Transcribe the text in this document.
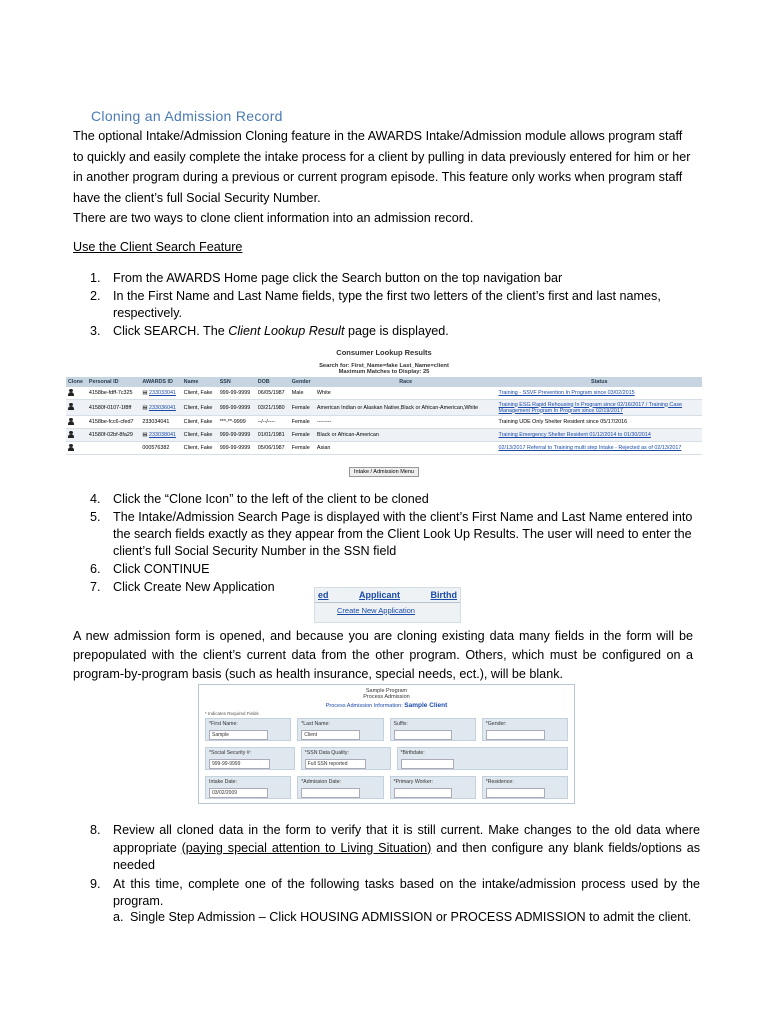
Cloning an Admission Record
The optional Intake/Admission Cloning feature in the AWARDS Intake/Admission module allows program staff to quickly and easily complete the intake process for a client by pulling in data previously entered for him or her in another program during a previous or current program episode. This feature only works when program staff have the client’s full Social Security Number.
There are two ways to clone client information into an admission record.
Use the Client Search Feature
1. From the AWARDS Home page click the Search button on the top navigation bar
2. In the First Name and Last Name fields, type the first two letters of the client’s first and last names, respectively.
3. Click SEARCH. The Client Lookup Result page is displayed.
Consumer Lookup Results
Search for: First_Name=fake Last_Name=client
Maximum Matches to Display: 25
Clone	Personal ID	AWARDS ID	Name	SSN	DOB	Gender	Race	Status
	4158be-fdff-7c325	▤ 233033041	Client, Fake	999-99-9999	06/05/1987	Male	White	Training - SSVF Prevention In Program since 03/02/2015
	41580f-0107-1f8ff	▤ 233036041	Client, Fake	999-99-9999	03/21/1980	Female	American Indian or Alaskan Native,Black or African-American,White	Training ESG Rapid Rehousing In Program since 02/16/2017 / Training Case Management Program In Program since 02/19/2017
	4158be-fcc6-cfed7	233034041	Client, Fake	***-**-9999	--/--/----	Female	--------	Training UDE Only Shelter Resident since 05/17/2016
	41580f-02bf-8fa29	▤ 233038041	Client, Fake	999-99-9999	01/01/1981	Female	Black or African-American	Training Emergency Shelter Resident 01/12/2014 to 01/30/2014
		000576382	Client, Fake	999-99-9999	05/06/1987	Female	Asian	02/13/2017 Referral to Training multi step Intake - Rejected as of 02/13/2017
Intake / Admission Menu
4. Click the “Clone Icon” to the left of the client to be cloned
5. The Intake/Admission Search Page is displayed with the client’s First Name and Last Name entered into the search fields exactly as they appear from the Client Look Up Results. The user will need to enter the client’s full Social Security Number in the SSN field
6. Click CONTINUE
7. Click Create New Application
ed	Applicant	Birthd
Create New Application
A new admission form is opened, and because you are cloning existing data many fields in the form will be prepopulated with the client’s current data from the other program. Others, which must be configured on a program-by-program basis (such as health insurance, special needs, ect.), will be blank.
Sample Program
Process Admission
Process Admission Information: Sample Client
* Indicates Required Fields
*First Name:
Sample
*Last Name:
Client
Suffix:	*Gender:
*Social Security #:
999-99-9999
*SSN Data Quality:
Full SSN reported
*Birthdate:
Intake Date:
03/02/2009
*Admission Date:	*Primary Worker:	*Residence:
8. Review all cloned data in the form to verify that it is still current. Make changes to the old data where appropriate (paying special attention to Living Situation) and then configure any blank fields/options as needed
9. At this time, complete one of the following tasks based on the intake/admission process used by the program.
a. Single Step Admission – Click HOUSING ADMISSION or PROCESS ADMISSION to admit the client.
